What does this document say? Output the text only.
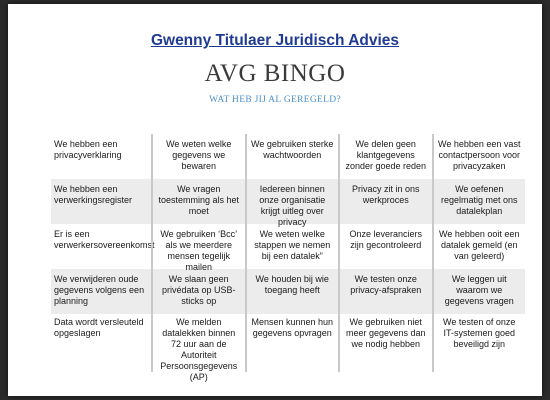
Gwenny Titulaer Juridisch Advies
AVG BINGO
WAT HEB JIJ AL GEREGELD?
We hebben een privacyverklaring
We weten welke gegevens we bewaren
We gebruiken sterke wachtwoorden
We delen geen klantgegevens zonder goede reden
We hebben een vast contactpersoon voor privacyzaken
We hebben een verwerkingsregister
We vragen toestemming als het moet
Iedereen binnen onze organisatie krijgt uitleg over privacy
Privacy zit in ons werkproces
We oefenen regelmatig met ons datalekplan
Er is een verwerkersovereenkomst
We gebruiken ‘Bcc’ als we meerdere mensen tegelijk mailen
We weten welke stappen we nemen bij een datalek”
Onze leveranciers zijn gecontroleerd
We hebben ooit een datalek gemeld (en van geleerd)
We verwijderen oude gegevens volgens een planning
We slaan geen privédata op USB-sticks op
We houden bij wie toegang heeft
We testen onze privacy-afspraken
We leggen uit waarom we gegevens vragen
Data wordt versleuteld opgeslagen
We melden datalekken binnen 72 uur aan de Autoriteit Persoonsgegevens (AP)
Mensen kunnen hun gegevens opvragen
We gebruiken niet meer gegevens dan we nodig hebben
We testen of onze IT-systemen goed beveiligd zijn
